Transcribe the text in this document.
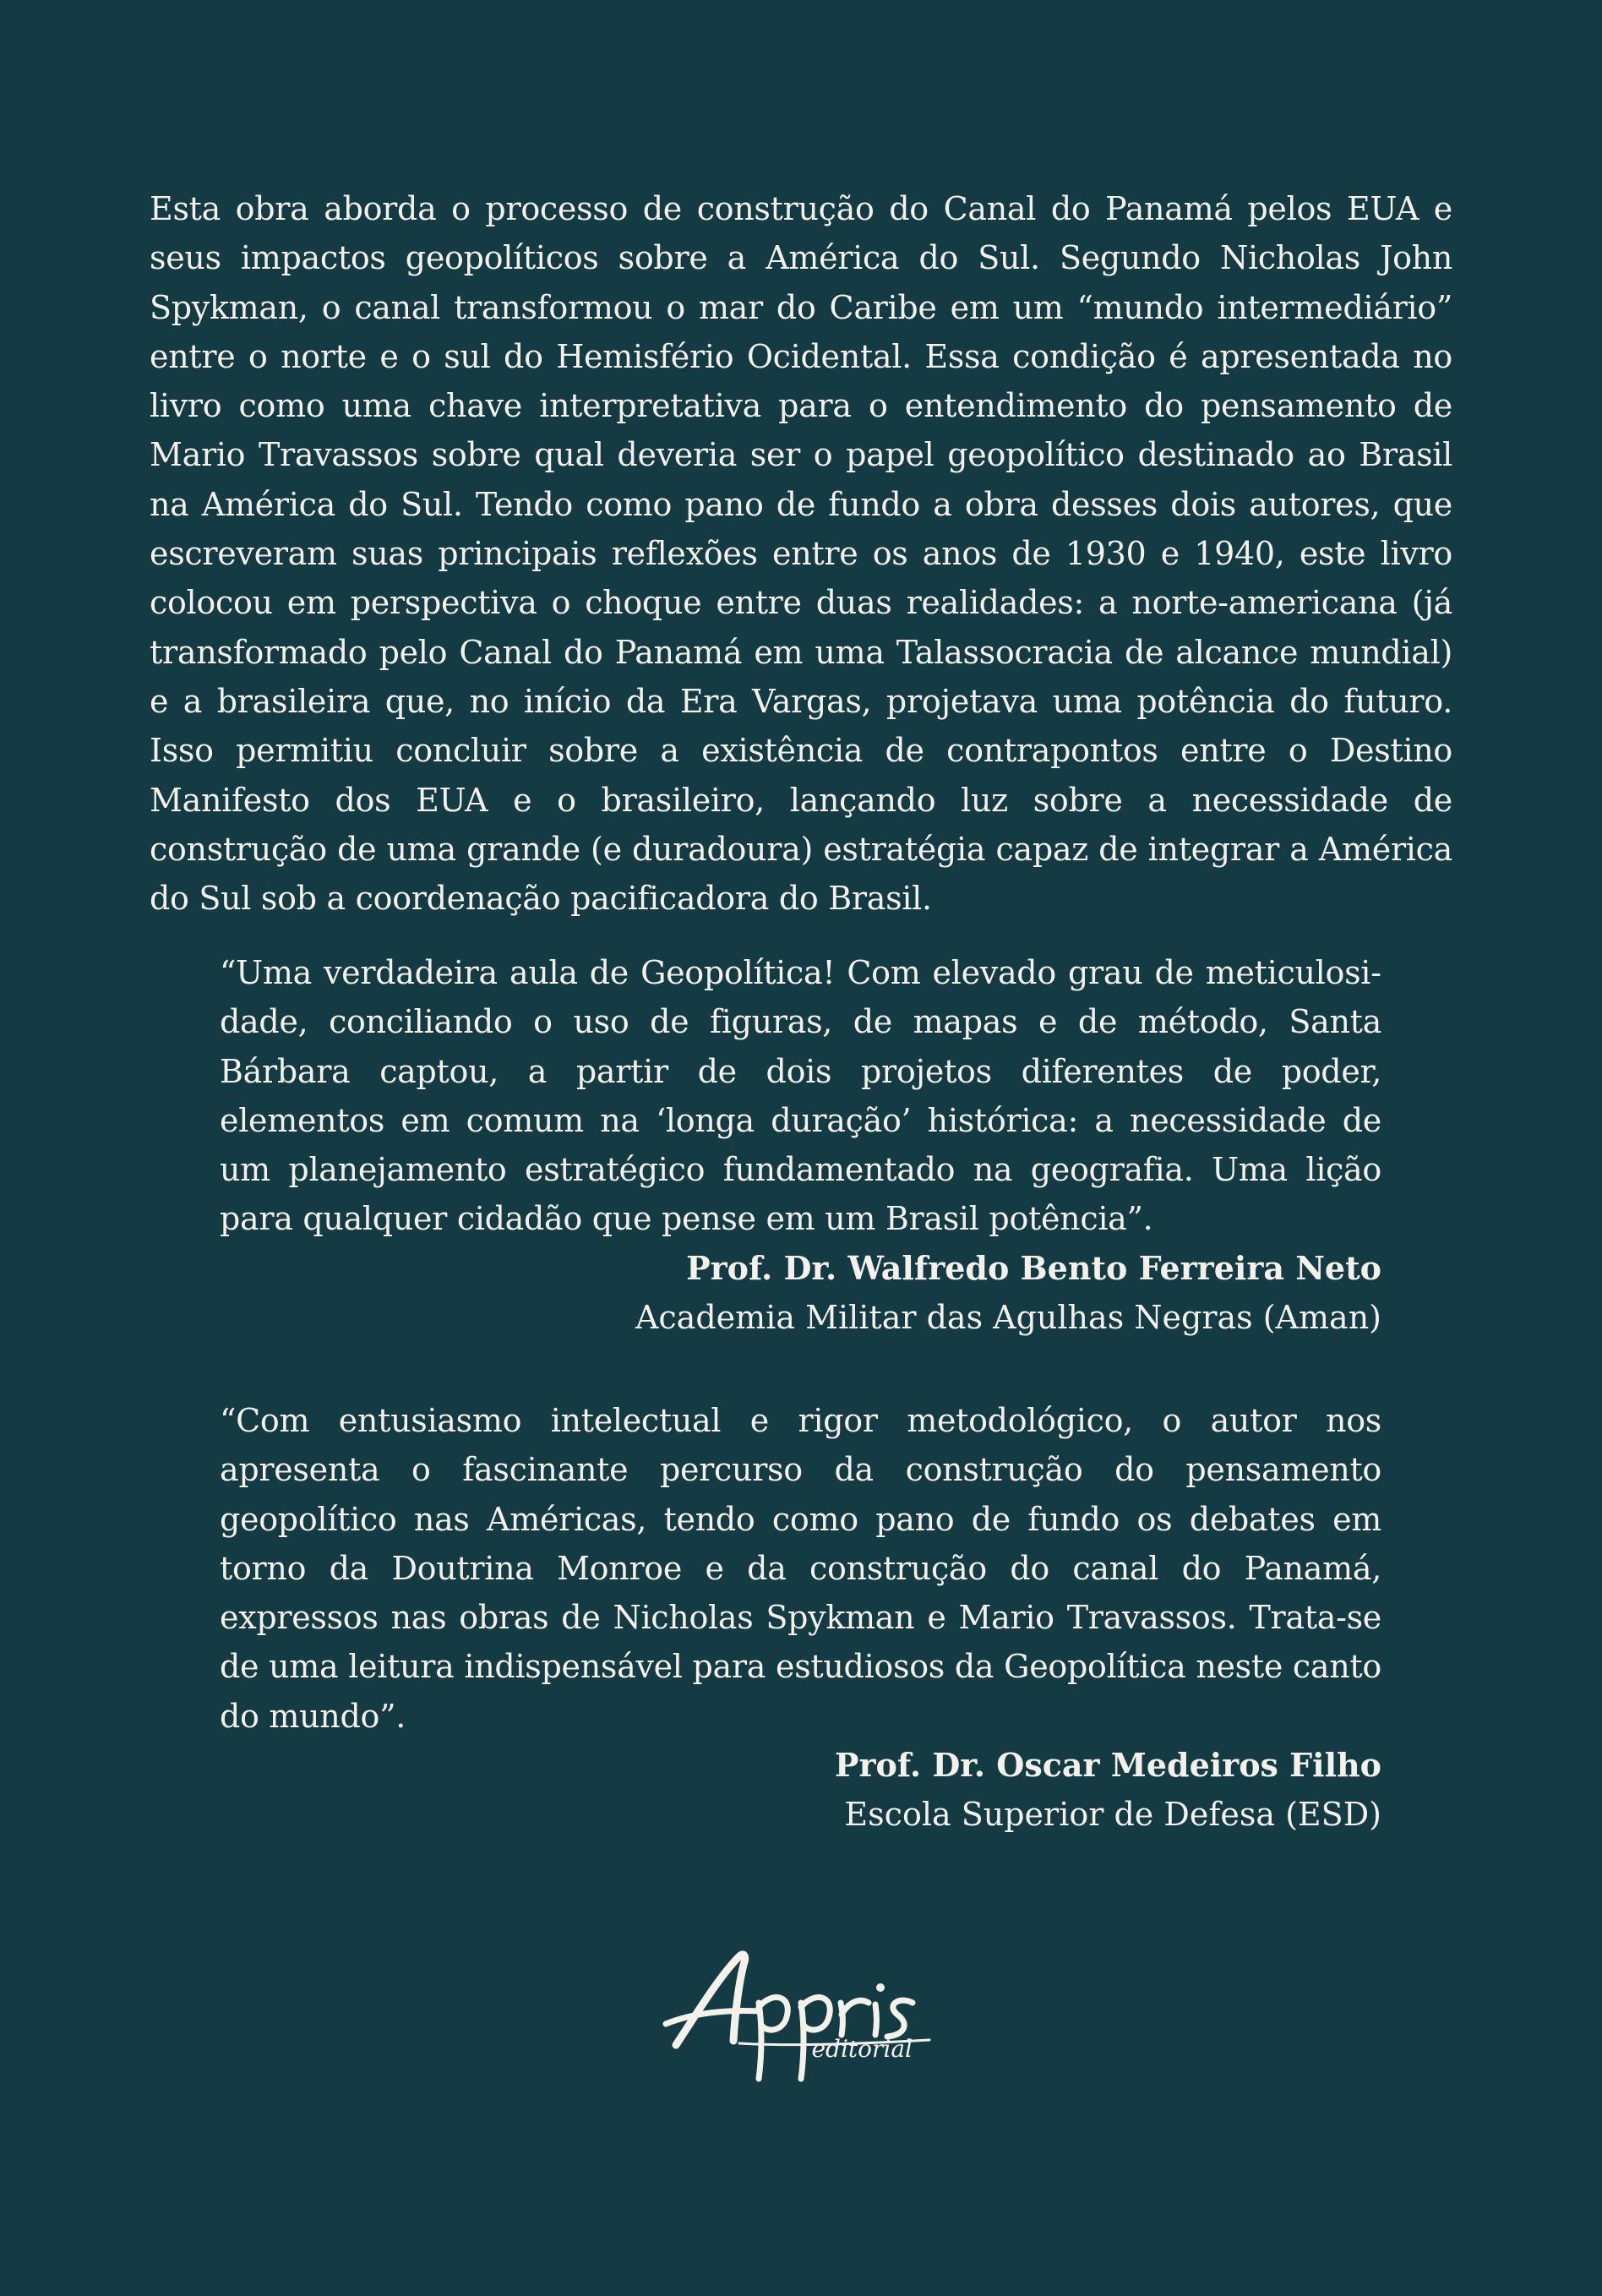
Esta obra aborda o processo de construção do Canal do Panamá pelos EUA e seus impactos geopolíticos sobre a América do Sul. Segundo Nicholas John Spykman, o canal transformou o mar do Caribe em um “mundo intermediário” entre o norte e o sul do Hemisfério Ocidental. Essa condição é apresentada no livro como uma chave interpretativa para o entendimento do pensamento de Mario Travassos sobre qual deveria ser o papel geopolítico destinado ao Brasil na América do Sul. Tendo como pano de fundo a obra desses dois autores, que escreveram suas principais reflexões entre os anos de 1930 e 1940, este livro colocou em perspectiva o choque entre duas realidades: a norte-americana (já transformado pelo Canal do Panamá em uma Talassocracia de alcance mundial) e a brasileira que, no início da Era Vargas, projetava uma potência do futuro. Isso permitiu concluir sobre a existência de contrapontos entre o Destino Manifesto dos EUA e o brasileiro, lançando luz sobre a necessidade de construção de uma grande (e duradoura) estratégia capaz de integrar a América do Sul sob a coordenação pacificadora do Brasil.
“Uma verdadeira aula de Geopolítica! Com elevado grau de meticulosidade, conciliando o uso de figuras, de mapas e de método, Santa Bárbara captou, a partir de dois projetos diferentes de poder, elementos em comum na ‘longa duração’ histórica: a necessidade de um planejamento estratégico fundamentado na geografia. Uma lição para qualquer cidadão que pense em um Brasil potência”.
Prof. Dr. Walfredo Bento Ferreira Neto
Academia Militar das Agulhas Negras (Aman)
“Com entusiasmo intelectual e rigor metodológico, o autor nos apresenta o fascinante percurso da construção do pensamento geopolítico nas Américas, tendo como pano de fundo os debates em torno da Doutrina Monroe e da construção do canal do Panamá, expressos nas obras de Nicholas Spykman e Mario Travassos. Trata-se de uma leitura indispensável para estudiosos da Geopolítica neste canto do mundo”.
Prof. Dr. Oscar Medeiros Filho
Escola Superior de Defesa (ESD)
editorial
